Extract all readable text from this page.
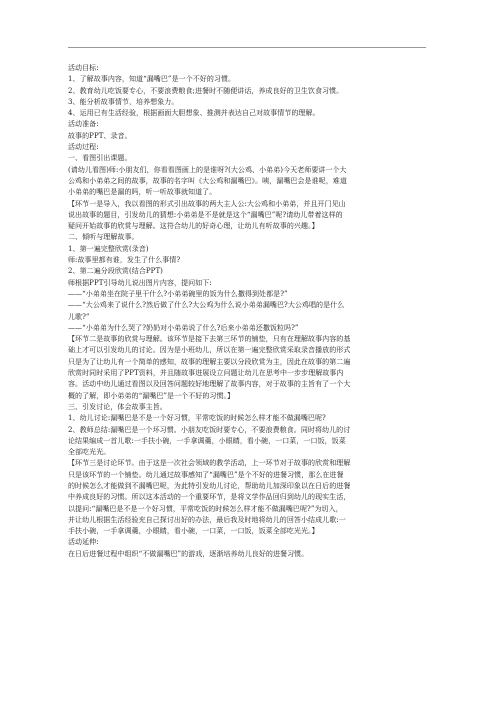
活动目标:

1、了解故事内容，知道“漏嘴巴”是一个不好的习惯。

2、教育幼儿吃饭要专心，不要浪费粮食;进餐时不随便讲话，养成良好的卫生饮食习惯。

3、能分析故事情节，培养想象力。

4、运用已有生活经验，根据画面大胆想象、推测并表达自己对故事情节的理解。

活动准备:

故事的PPT、录音。

活动过程:

一、看图引出课题。

(请幼儿看图)师:小朋友们，你看看图画上的是谁呀?(大公鸡、小弟弟)今天老师要讲一个大

公鸡和小弟弟之间的故事，故事的名字叫《大公鸡和漏嘴巴》。咦，漏嘴巴会是谁呢，难道

小弟弟的嘴巴是漏的吗，听一听故事就知道了。

【环节一是导入，我以看图的形式引出故事的两大主人公:大公鸡和小弟弟，并且开门见山

说出故事的题目，引发幼儿的猜想:小弟弟是不是就是这个“漏嘴巴”呢?请幼儿带着这样的

疑问开始故事的欣赏与理解。这符合幼儿的好奇心理，让幼儿有听故事的兴趣。】

二、倾听与理解故事。

1、第一遍完整欣赏(录音)

师:故事里都有谁，发生了什么事情?

2、第二遍分段欣赏(结合PPT)

师根据PPT引导幼儿说出图片内容，提问如下:

——“小弟弟坐在院子里干什么?小弟弟碗里的饭为什么撒得到处都是?”

——“大公鸡来了说什么?然后做了什么?大公鸡为什么说小弟弟漏嘴巴?大公鸡唱的是什么

儿歌?”

——“小弟弟为什么哭了?奶奶对小弟弟说了什么?后来小弟弟还撒饭粒吗?”

【环节二是故事的欣赏与理解。该环节是接下去第三环节的铺垫，只有在理解故事内容的基

础上才可以引发幼儿的讨论。因为是小班幼儿，所以在第一遍完整欣赏采取录音播放的形式

只是为了让幼儿有一个简单的感知，故事的理解主要以分段欣赏为主，因此在故事的第二遍

欣赏时同时采用了PPT资料，并且随故事进展设立问题让幼儿在思考中一步步理解故事内

容。活动中幼儿通过看图以及回答问题较好地理解了故事内容，对于故事的主旨有了一个大

概的了解，即小弟弟的“漏嘴巴”是一个不好的习惯。】

三、引发讨论，体会故事主旨。

1、幼儿讨论:漏嘴巴是不是一个好习惯，平常吃饭的时候怎么样才能不做漏嘴巴呢?

2、教师总结:漏嘴巴是一个坏习惯。小朋友吃饭时要专心，不要浪费粮食。同时将幼儿的讨

论结果编成一首儿歌:一手扶小碗，一手拿调羹，小眼睛，看小碗，一口菜，一口饭，饭菜

全部吃光光。

【环节三是讨论环节。由于这是一次社会领域的教学活动，上一环节对于故事的欣赏和理解

只是该环节的一个铺垫。幼儿通过故事感知了“漏嘴巴”是个不好的进餐习惯，那么在进餐

的时候怎么才能做到不漏嘴巴呢，为此特引发幼儿讨论，帮助幼儿加深印象以在日后的进餐

中养成良好的习惯。所以这本活动的一个重要环节，是将文学作品回归到幼儿的现实生活，

以提问:“漏嘴巴是不是一个好习惯，平常吃饭的时候怎么样才能不做漏嘴巴呢?”为切入，

并让幼儿根据生活经验充自己探讨出好的办法，最后我及时地将幼儿的回答小结成儿歌:一

手扶小碗，一手拿调羹，小眼睛，看小碗，一口菜，一口饭，饭菜全部吃光光。】

活动延伸:

在日后进餐过程中组织“不做漏嘴巴”的游戏，逐渐培养幼儿良好的进餐习惯。
